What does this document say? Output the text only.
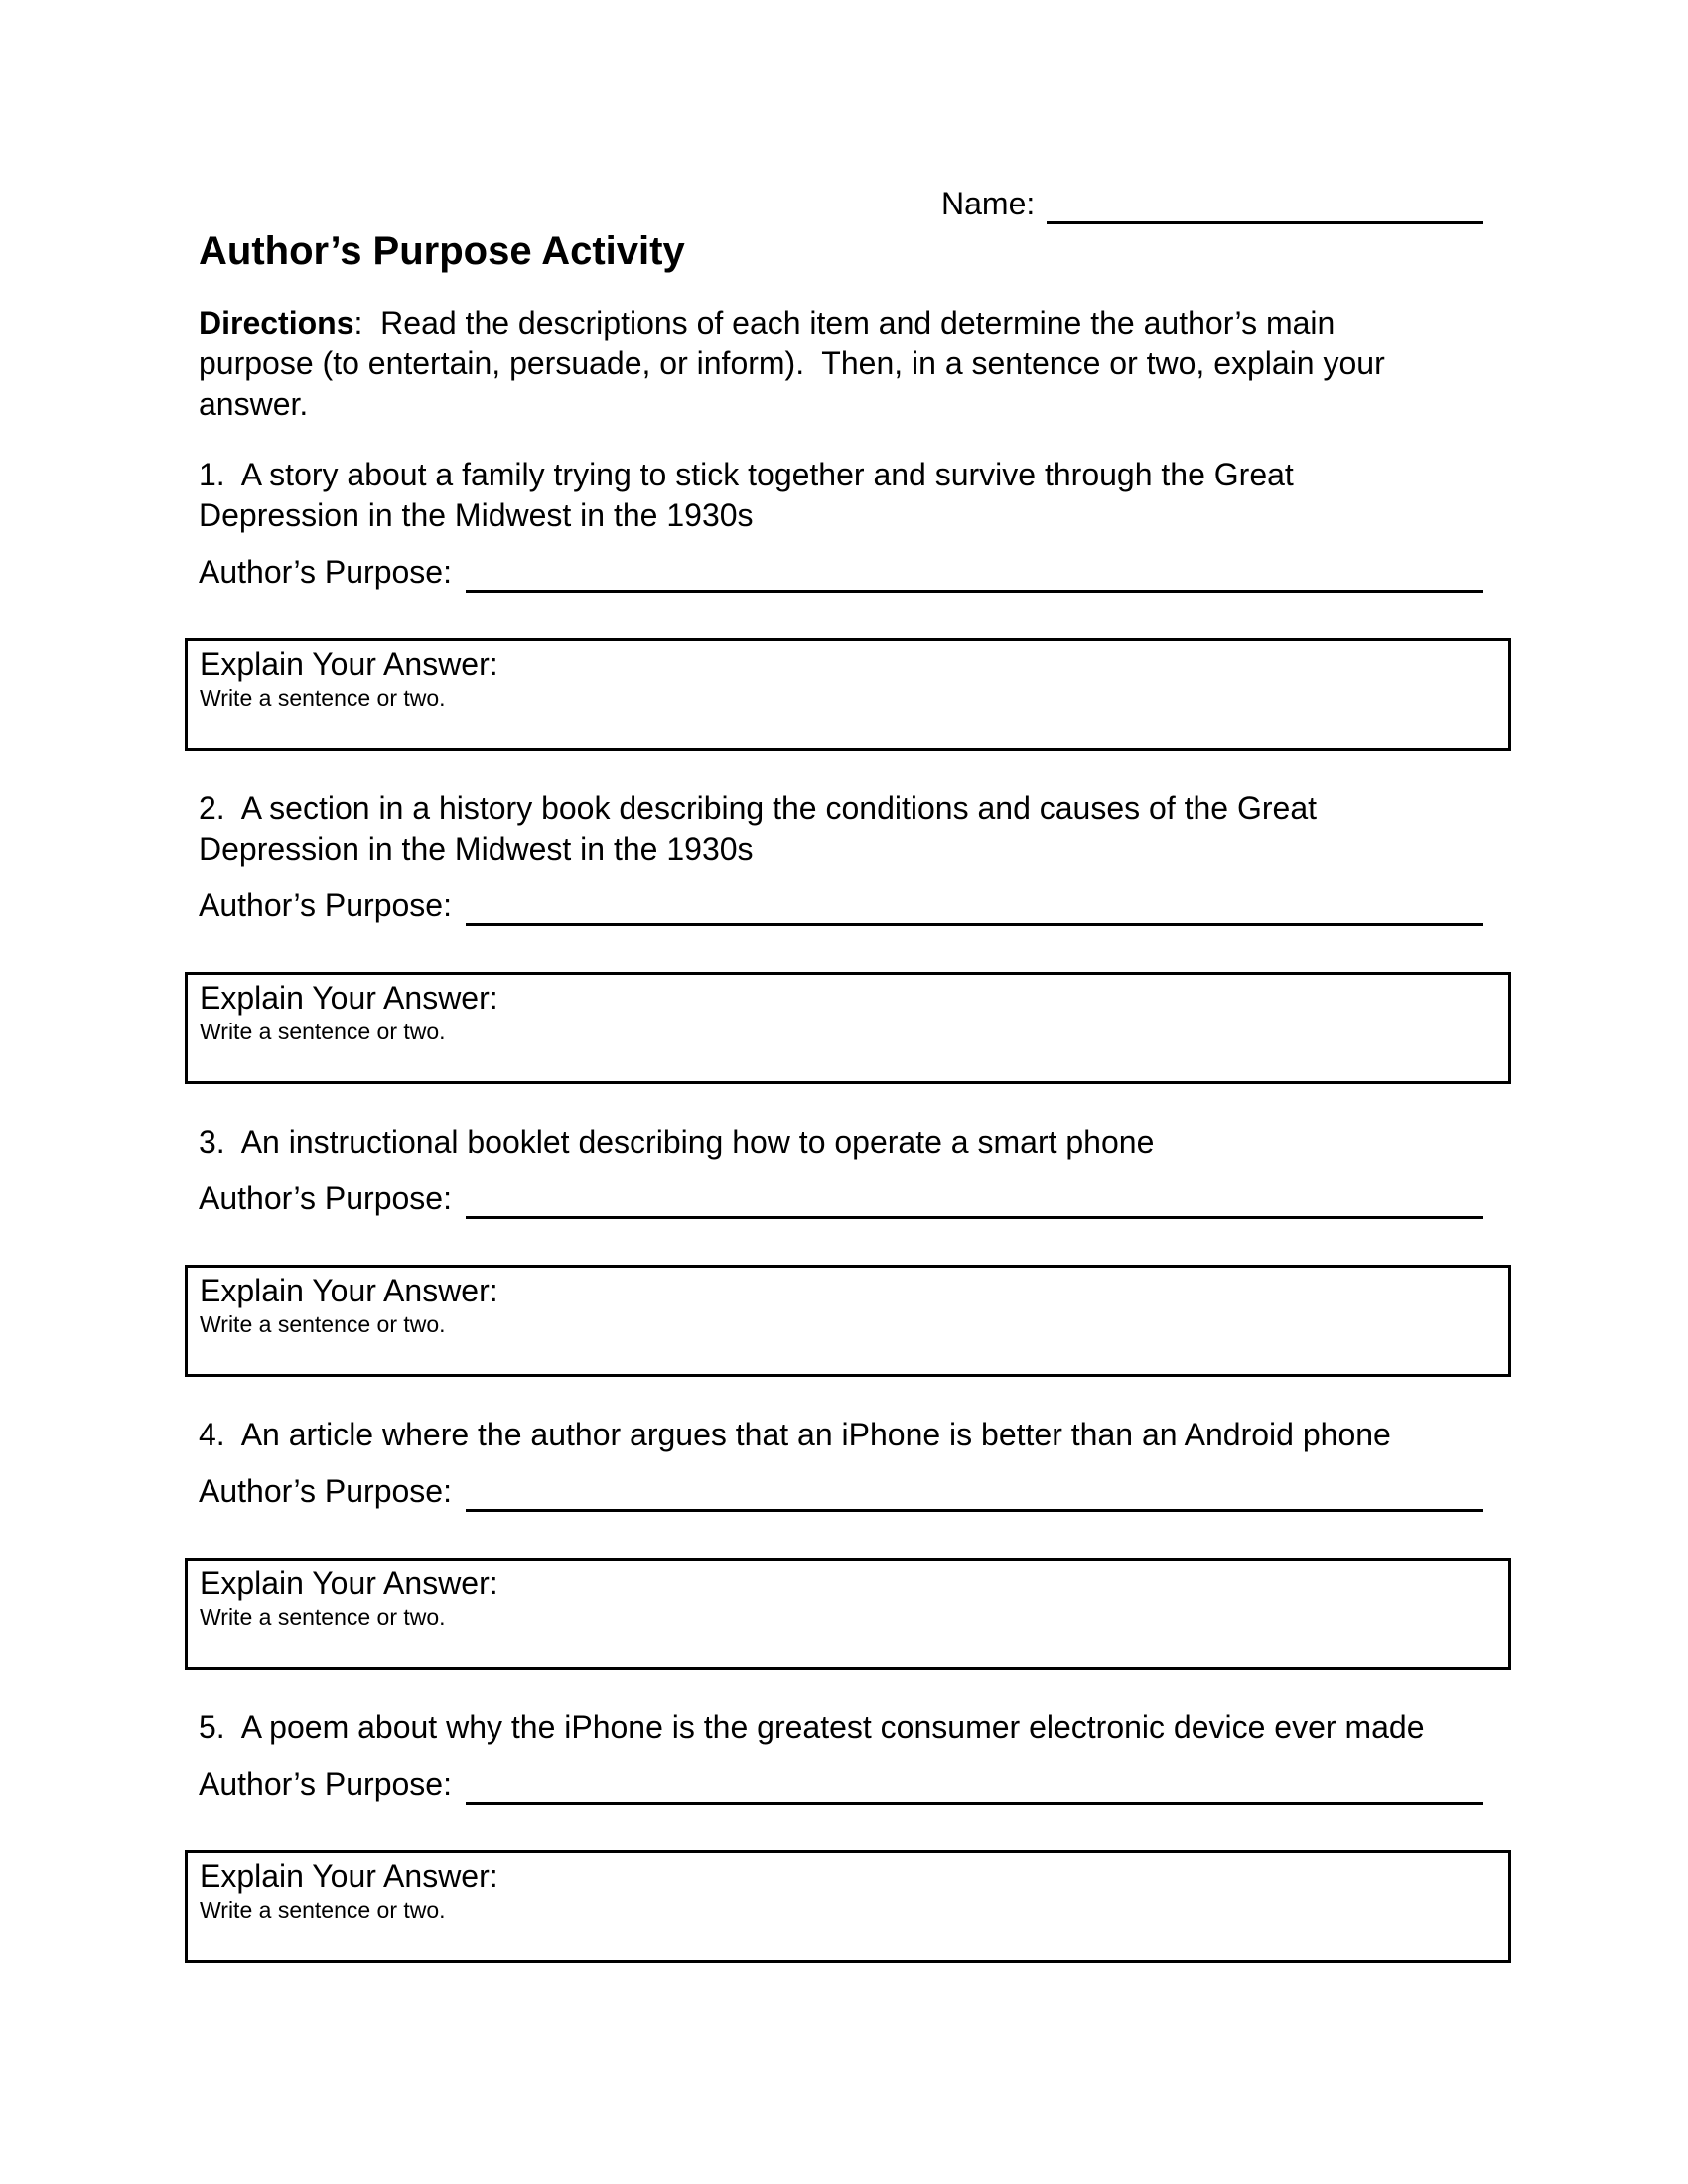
Name:
Author’s Purpose Activity
Directions:  Read the descriptions of each item and determine the author’s main
purpose (to entertain, persuade, or inform).  Then, in a sentence or two, explain your
answer.
1.  A story about a family trying to stick together and survive through the Great
Depression in the Midwest in the 1930s
Author’s Purpose:
Explain Your Answer:
Write a sentence or two.
2.  A section in a history book describing the conditions and causes of the Great
Depression in the Midwest in the 1930s
Author’s Purpose:
Explain Your Answer:
Write a sentence or two.
3.  An instructional booklet describing how to operate a smart phone
Author’s Purpose:
Explain Your Answer:
Write a sentence or two.
4.  An article where the author argues that an iPhone is better than an Android phone
Author’s Purpose:
Explain Your Answer:
Write a sentence or two.
5.  A poem about why the iPhone is the greatest consumer electronic device ever made
Author’s Purpose:
Explain Your Answer:
Write a sentence or two.
